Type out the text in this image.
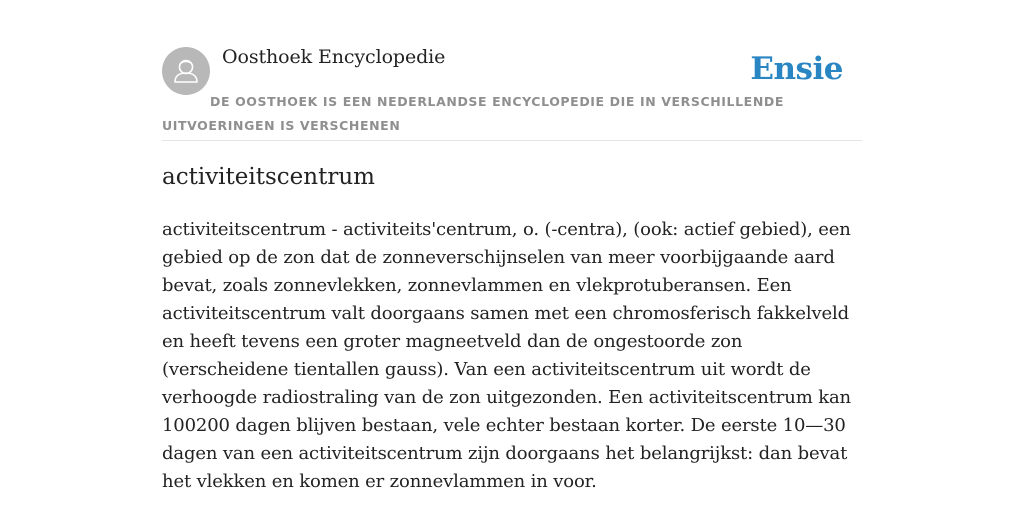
Oosthoek Encyclopedie	Ensie
DE OOSTHOEK IS EEN NEDERLANDSE ENCYCLOPEDIE DIE IN VERSCHILLENDE UITVOERINGEN IS VERSCHENEN
activiteitscentrum

activiteitscentrum - activiteits'centrum, o. (-centra), (ook: actief gebied), een gebied op de zon dat de zonneverschijnselen van meer voorbijgaande aard bevat, zoals zonnevlekken, zonnevlammen en vlekprotuberansen. Een activiteitscentrum valt doorgaans samen met een chromosferisch fakkelveld en heeft tevens een groter magneetveld dan de ongestoorde zon (verscheidene tientallen gauss). Van een activiteitscentrum uit wordt de verhoogde radiostraling van de zon uitgezonden. Een activiteitscentrum kan 100200 dagen blijven bestaan, vele echter bestaan korter. De eerste 10—30 dagen van een activiteitscentrum zijn doorgaans het belangrijkst: dan bevat het vlekken en komen er zonnevlammen in voor.
